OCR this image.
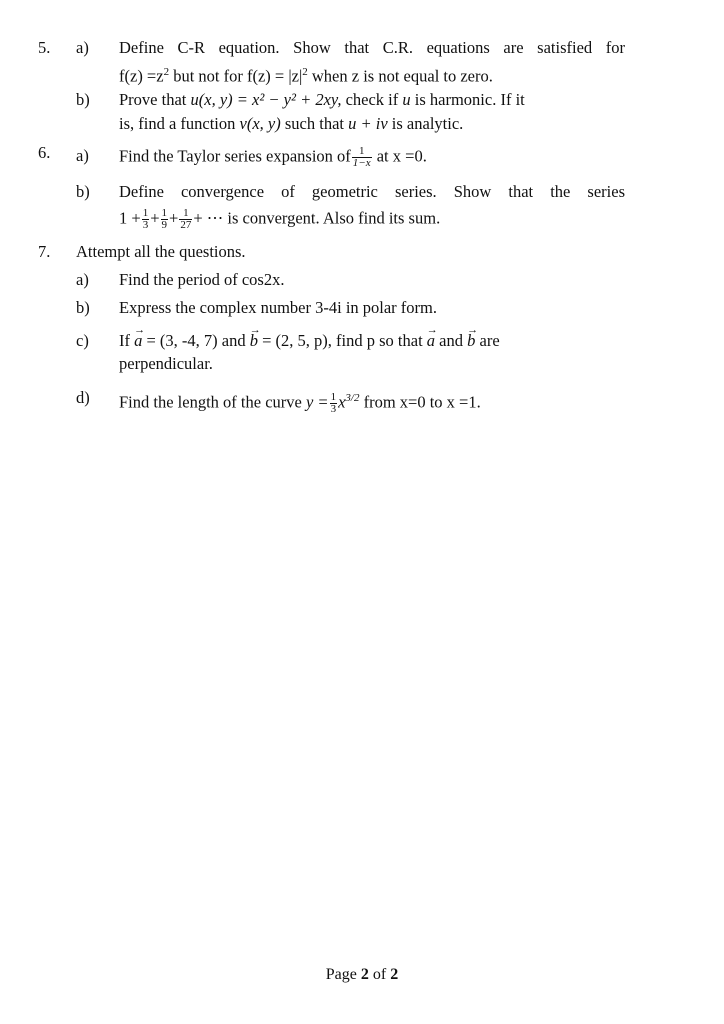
5. a) Define C-R equation. Show that C.R. equations are satisfied for
$f(z) =z^2$ but not for $f(z) = |z|^2$ when z is not equal to zero.
b) Prove that u(x, y) = x² − y² + 2xy, check if u is harmonic. If it
is, find a function v(x, y) such that u + iv is analytic.
6. a) Find the Taylor series expansion of $\frac{1}{1-x}$ at x =0.
b) Define convergence of geometric series. Show that the series
$1 + \frac{1}{3} + \frac{1}{9} + \frac{1}{27}$ + ⋯ is convergent. Also find its sum.
7. Attempt all the questions.
a) Find the period of cos2x.
b) Express the complex number 3-4i in polar form.
c) If → a = (3, -4, 7) and → b = (2, 5, p), find p so that → a and → b are
perpendicular.
d) Find the length of the curve $y = \frac{1}{3} x^{3/2}$ from x=0 to x =1.
Page 2 of 2
